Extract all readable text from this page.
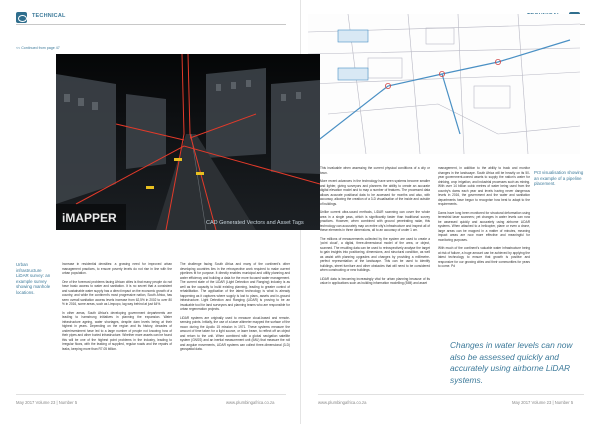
TECHNICAL
<< Continued from page 47
Urban infrastructure LiDAR survey: an example survey showing manhole locations.

Increase in residential densities: a growing need for improved urban management practices, to ensure poverty levels do not rise in line with the urban population.

One of the foremost problems facing African cities is that many people do not have basic access to water and sanitation. It is no secret that a consistent and sustainable water supply has a direct impact on the economic growth of a country, and while the continent's most progressive nation, South Africa, has seen overall sanitation access levels increase from 62,5% in 2002 to over 80 % in 2016, some areas, such as Limpopo, lag way behind at just 64%.

In other areas, South Africa's developing government departments are leading to hamstrung initiatives in planning the expansion. Water infrastructure ageing, water shortages, despite dam levels being at their highest in years. Depending on the region and its history, decades of underinvestment have led to a large number of people not knowing how of their pipes and other buried infrastructure. Whether more assets can be found this will be one of the highest point problems in the industry, leading to irregular flows, with the leaking of supplied, regular roads and the repairs of leaks, keeping more than R7.05 billion.

The challenge facing South Africa and many of the continent's other developing countries lies in the retrospective work required to make current pipelines fit for purpose. It directly enables municipal and utility planning and water efficiency and building a data for the more focused water management. The current state of the LiDAR (Light Detection and Ranging) industry is as well as the capacity to build existing planning, leading to greater control of rehabilitation. The application of the latest technology is what is already happening as it captures where supply is lost to plans, assets and in-ground infrastructure. Light Detection and Ranging (LiDAR) is proving to be an invaluable tool for land surveyors and planning teams who are responsible for urban regeneration projects.

LiDAR systems are originally used to measure cloud-based and remote-sensing points. Initially, the use of a laser altimeter mapped the surface of the moon during the Apollo 15 mission in 1971. These systems measure the amount of time taken for a light source, or laser beam, to reflect off an object and return to the unit. When combined with a global navigation satellite system (GNSS) and an inertial measurement unit (IMU) that measure the roll and angular movements, LiDAR systems can collect three-dimensional (3-D) geospatial data.

May 2017 Volume 23 | Number 5	www.plumbingafrica.co.za
Pr3 visualisation showing an example of a pipeline placement.
iMAPPER	CAD Generated Vectors and Asset Tags

This invaluable when assessing the current physical conditions of a city or town.

More recent advances in the technology have seen systems become smaller and lighter, giving surveyors and planners the ability to create an accurate digital elevation model and to map a number of features. The processed data allows accurate positional data to be accessed for months and also, with accuracy, allowing the creation of a 3-D visualisation of the inside and outside of buildings.

Unlike current ultra-sound methods, LiDAR scanning can cover the whole area in a single pass, which is significantly faster than traditional survey practices. However, when combined with ground penetrating radar, this technology can accurately map an entire city's infrastructure and inspect all of these elements in three dimensions, all to an accuracy of under 1 cm.

The millions of measurements collected by the system are used to create a 'point cloud', a digital, three-dimensional model of the area, or object, scanned. The resulting data can be used to retrospectively analyse the target to gain insights into positioning, dimensions, and structural condition, as well as assist with planning upgrades and changes by providing a millimetre-perfect representation of the landscape. This can be used to identify buildings, street furniture and other obstacles that will need to be considered when constructing or new buildings.

LiDAR data is becoming increasingly vital for urban planning because of its value in applications such as building information modelling (BIM) and asset

management, in addition to the ability to track and monitor changes in the landscape. South Africa will be heavily on its 50-year government-owned assets to supply the nation's water for drinking, crop irrigation, and industrial processes such as mining. With over 14 billion cubic metres of water being used from the country's dams each year and levels having never dangerous levels in 2016, the government and the water and sanitation departments have begun to recognise how best to adapt to the requirements.

Dams have long been monitored for structural deformation using terrestrial laser scanners; yet changes in water levels can now be assessed quickly and accurately using airborne LiDAR systems. When attached to a helicopter, plane or even a drone, large areas can be mapped in a matter of minutes, meaning impact areas are now more effective and meaningful for monitoring purposes.

With much of the continent's valuable water infrastructure being at risk of failure, a huge amount can be achieved by applying the latest technology to ensure that growth is positive and responsive for our growing cities and their communities for years to come. Pd

Changes in water levels can now also be assessed quickly and accurately using airborne LiDAR systems.
www.plumbingafrica.co.za	May 2017 Volume 23 | Number 5
